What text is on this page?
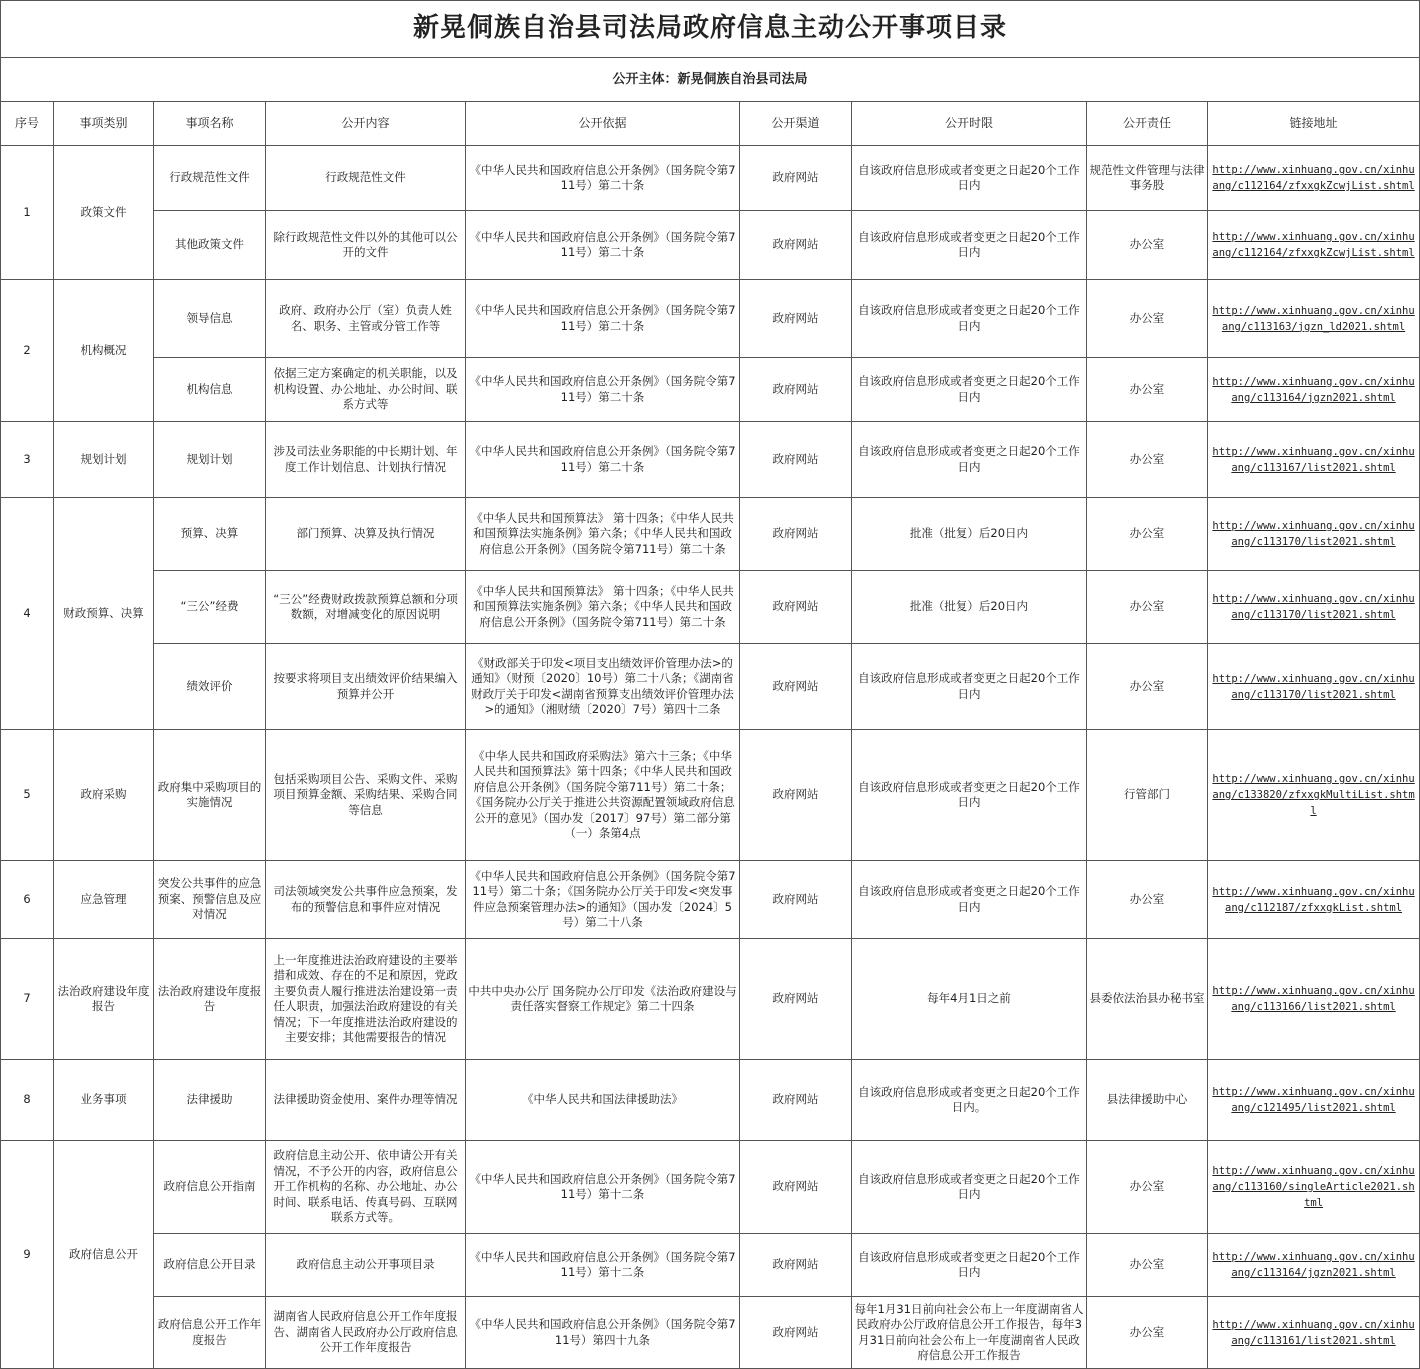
新晃侗族自治县司法局政府信息主动公开事项目录								
公开主体：新晃侗族自治县司法局								
序号	事项类别	事项名称	公开内容	公开依据	公开渠道	公开时限	公开责任	链接地址
1	政策文件	行政规范性文件	行政规范性文件	《中华人民共和国政府信息公开条例》（国务院令第711号）第二十条	政府网站	自该政府信息形成或者变更之日起20个工作日内	规范性文件管理与法律事务股	http://www.xinhuang.gov.cn/xinhuang/c112164/zfxxgkZcwjList.shtml
		其他政策文件	除行政规范性文件以外的其他可以公开的文件	《中华人民共和国政府信息公开条例》（国务院令第711号）第二十条	政府网站	自该政府信息形成或者变更之日起20个工作日内	办公室	http://www.xinhuang.gov.cn/xinhuang/c112164/zfxxgkZcwjList.shtml
2	机构概况	领导信息	政府、政府办公厅（室）负责人姓名、职务、主管或分管工作等	《中华人民共和国政府信息公开条例》（国务院令第711号）第二十条	政府网站	自该政府信息形成或者变更之日起20个工作日内	办公室	http://www.xinhuang.gov.cn/xinhuang/c113163/jgzn_ld2021.shtml
		机构信息	依据三定方案确定的机关职能，以及机构设置、办公地址、办公时间、联系方式等	《中华人民共和国政府信息公开条例》（国务院令第711号）第二十条	政府网站	自该政府信息形成或者变更之日起20个工作日内	办公室	http://www.xinhuang.gov.cn/xinhuang/c113164/jgzn2021.shtml
3	规划计划	规划计划	涉及司法业务职能的中长期计划、年度工作计划信息、计划执行情况	《中华人民共和国政府信息公开条例》（国务院令第711号）第二十条	政府网站	自该政府信息形成或者变更之日起20个工作日内	办公室	http://www.xinhuang.gov.cn/xinhuang/c113167/list2021.shtml
4	财政预算、决算	预算、决算	部门预算、决算及执行情况	《中华人民共和国预算法》 第十四条；《中华人民共和国预算法实施条例》第六条；《中华人民共和国政府信息公开条例》（国务院令第711号）第二十条	政府网站	批准（批复）后20日内	办公室	http://www.xinhuang.gov.cn/xinhuang/c113170/list2021.shtml
		“三公”经费	“三公”经费财政拨款预算总额和分项数额，对增减变化的原因说明	《中华人民共和国预算法》 第十四条；《中华人民共和国预算法实施条例》第六条；《中华人民共和国政府信息公开条例》（国务院令第711号）第二十条	政府网站	批准（批复）后20日内	办公室	http://www.xinhuang.gov.cn/xinhuang/c113170/list2021.shtml
		绩效评价	按要求将项目支出绩效评价结果编入预算并公开	《财政部关于印发<项目支出绩效评价管理办法>的通知》（财预〔2020〕10号）第二十八条；《湖南省财政厅关于印发<湖南省预算支出绩效评价管理办法>的通知》（湘财绩〔2020〕7号）第四十二条	政府网站	自该政府信息形成或者变更之日起20个工作日内	办公室	http://www.xinhuang.gov.cn/xinhuang/c113170/list2021.shtml
5	政府采购	政府集中采购项目的实施情况	包括采购项目公告、采购文件、采购项目预算金额、采购结果、采购合同等信息	《中华人民共和国政府采购法》第六十三条；《中华人民共和国预算法》第十四条；《中华人民共和国政府信息公开条例》（国务院令第711号）第二十条；《国务院办公厅关于推进公共资源配置领域政府信息公开的意见》（国办发〔2017〕97号）第二部分第（一）条第4点	政府网站	自该政府信息形成或者变更之日起20个工作日内	行管部门	http://www.xinhuang.gov.cn/xinhuang/c133820/zfxxgkMultiList.shtml
6	应急管理	突发公共事件的应急预案、预警信息及应对情况	司法领域突发公共事件应急预案，发布的预警信息和事件应对情况	《中华人民共和国政府信息公开条例》（国务院令第711号）第二十条；《国务院办公厅关于印发<突发事件应急预案管理办法>的通知》（国办发〔2024〕5号）第二十八条	政府网站	自该政府信息形成或者变更之日起20个工作日内	办公室	http://www.xinhuang.gov.cn/xinhuang/c112187/zfxxgkList.shtml
7	法治政府建设年度报告	法治政府建设年度报告	上一年度推进法治政府建设的主要举措和成效、存在的不足和原因，党政主要负责人履行推进法治建设第一责任人职责，加强法治政府建设的有关情况；下一年度推进法治政府建设的主要安排；其他需要报告的情况	中共中央办公厅 国务院办公厅印发《法治政府建设与责任落实督察工作规定》第二十四条	政府网站	每年4月1日之前	县委依法治县办秘书室	http://www.xinhuang.gov.cn/xinhuang/c113166/list2021.shtml
8	业务事项	法律援助	法律援助资金使用、案件办理等情况	《中华人民共和国法律援助法》	政府网站	自该政府信息形成或者变更之日起20个工作日内。	县法律援助中心	http://www.xinhuang.gov.cn/xinhuang/c121495/list2021.shtml
9	政府信息公开	政府信息公开指南	政府信息主动公开、依申请公开有关情况，不予公开的内容，政府信息公开工作机构的名称、办公地址、办公时间、联系电话、传真号码、互联网联系方式等。	《中华人民共和国政府信息公开条例》（国务院令第711号）第十二条	政府网站	自该政府信息形成或者变更之日起20个工作日内	办公室	http://www.xinhuang.gov.cn/xinhuang/c113160/singleArticle2021.shtml
		政府信息公开目录	政府信息主动公开事项目录	《中华人民共和国政府信息公开条例》（国务院令第711号）第十二条	政府网站	自该政府信息形成或者变更之日起20个工作日内	办公室	http://www.xinhuang.gov.cn/xinhuang/c113164/jgzn2021.shtml
		政府信息公开工作年度报告	湖南省人民政府信息公开工作年度报告、湖南省人民政府办公厅政府信息公开工作年度报告	《中华人民共和国政府信息公开条例》（国务院令第711号）第四十九条	政府网站	每年1月31日前向社会公布上一年度湖南省人民政府办公厅政府信息公开工作报告，每年3月31日前向社会公布上一年度湖南省人民政府信息公开工作报告	办公室	http://www.xinhuang.gov.cn/xinhuang/c113161/list2021.shtml
